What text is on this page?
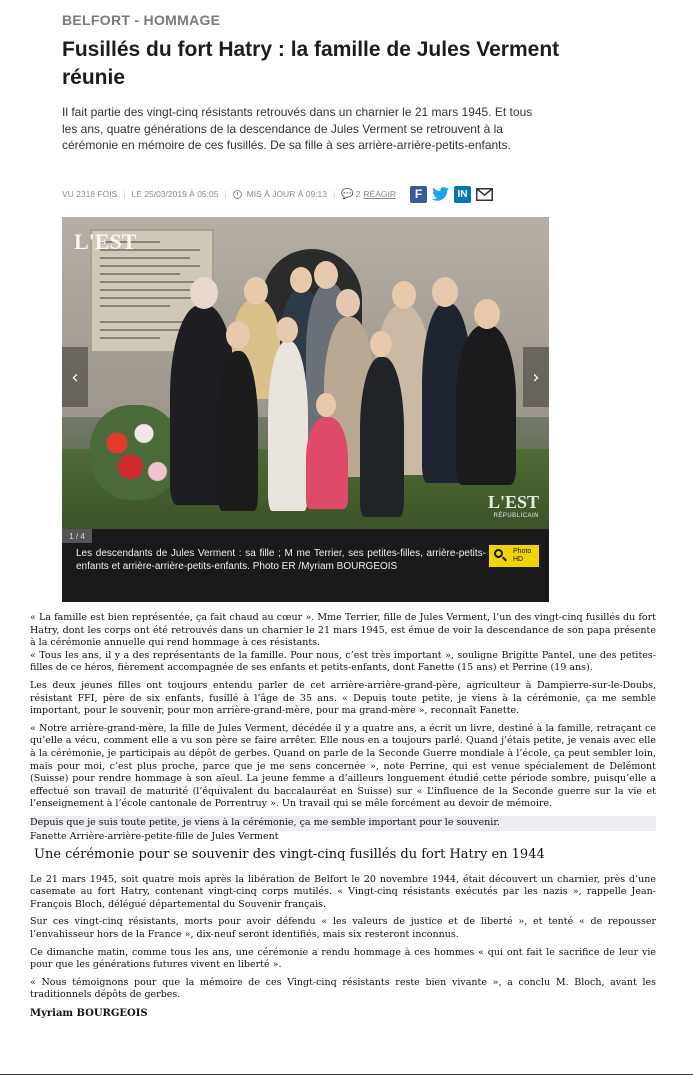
BELFORT - HOMMAGE
Fusillés du fort Hatry : la famille de Jules Verment réunie
Il fait partie des vingt-cinq résistants retrouvés dans un charnier le 21 mars 1945. Et tous les ans, quatre générations de la descendance de Jules Verment se retrouvent à la cérémonie en mémoire de ces fusillés. De sa fille à ses arrière-arrière-petits-enfants.
VU 2318 FOIS | LE 25/03/2019 À 05:05 | MIS À JOUR À 09:13 | 💬 2 RÉAGIR	F	IN
L'EST
L'EST
RÉPUBLICAIN
‹	›
1 / 4
Les descendants de Jules Verment : sa fille ; M me Terrier, ses petites-filles, arrière-petits-enfants et arrière-arrière-petits-enfants. Photo ER /Myriam BOURGEOIS
Photo
HD

« La famille est bien représentée, ça fait chaud au cœur ». Mme Terrier, fille de Jules Verment, l’un des vingt-cinq fusillés du fort Hatry, dont les corps ont été retrouvés dans un charnier le 21 mars 1945, est émue de voir la descendance de son papa présente à la cérémonie annuelle qui rend hommage à ces résistants.

« Tous les ans, il y a des représentants de la famille. Pour nous, c’est très important », souligne Brigitte Pantel, une des petites-filles de ce héros, fièrement accompagnée de ses enfants et petits-enfants, dont Fanette (15 ans) et Perrine (19 ans).

Les deux jeunes filles ont toujours entendu parler de cet arrière-arrière-grand-père, agriculteur à Dampierre-sur-le-Doubs, résistant FFI, père de six enfants, fusillé à l’âge de 35 ans. « Depuis toute petite, je viens à la cérémonie, ça me semble important, pour le souvenir, pour mon arrière-grand-mère, pour ma grand-mère », reconnaît Fanette.

« Notre arrière-grand-mère, la fille de Jules Verment, décédée il y a quatre ans, a écrit un livre, destiné à la famille, retraçant ce qu’elle a vécu, comment elle a vu son père se faire arrêter. Elle nous en a toujours parlé. Quand j’étais petite, je venais avec elle à la cérémonie, je participais au dépôt de gerbes. Quand on parle de la Seconde Guerre mondiale à l’école, ça peut sembler loin, mais pour moi, c’est plus proche, parce que je me sens concernée », note Perrine, qui est venue spécialement de Delémont (Suisse) pour rendre hommage à son aïeul. La jeune femme a d’ailleurs longuement étudié cette période sombre, puisqu’elle a effectué son travail de maturité (l’équivalent du baccalauréat en Suisse) sur « L’influence de la Seconde guerre sur la vie et l’enseignement à l’école cantonale de Porrentruy ». Un travail qui se mêle forcément au devoir de mémoire.

Depuis que je suis toute petite, je viens à la cérémonie, ça me semble important pour le souvenir.

Fanette Arrière-arrière-petite-fille de Jules Verment

Une cérémonie pour se souvenir des vingt-cinq fusillés du fort Hatry en 1944

Le 21 mars 1945, soit quatre mois après la libération de Belfort le 20 novembre 1944, était découvert un charnier, près d’une casemate au fort Hatry, contenant vingt-cinq corps mutilés. « Vingt-cinq résistants exécutés par les nazis », rappelle Jean-François Bloch, délégué départemental du Souvenir français.

Sur ces vingt-cinq résistants, morts pour avoir défendu « les valeurs de justice et de liberté », et tenté « de repousser l’envahisseur hors de la France », dix-neuf seront identifiés, mais six resteront inconnus.

Ce dimanche matin, comme tous les ans, une cérémonie a rendu hommage à ces hommes « qui ont fait le sacrifice de leur vie pour que les générations futures vivent en liberté ».

« Nous témoignons pour que la mémoire de ces Vingt-cinq résistants reste bien vivante », a conclu M. Bloch, avant les traditionnels dépôts de gerbes.

Myriam BOURGEOIS
